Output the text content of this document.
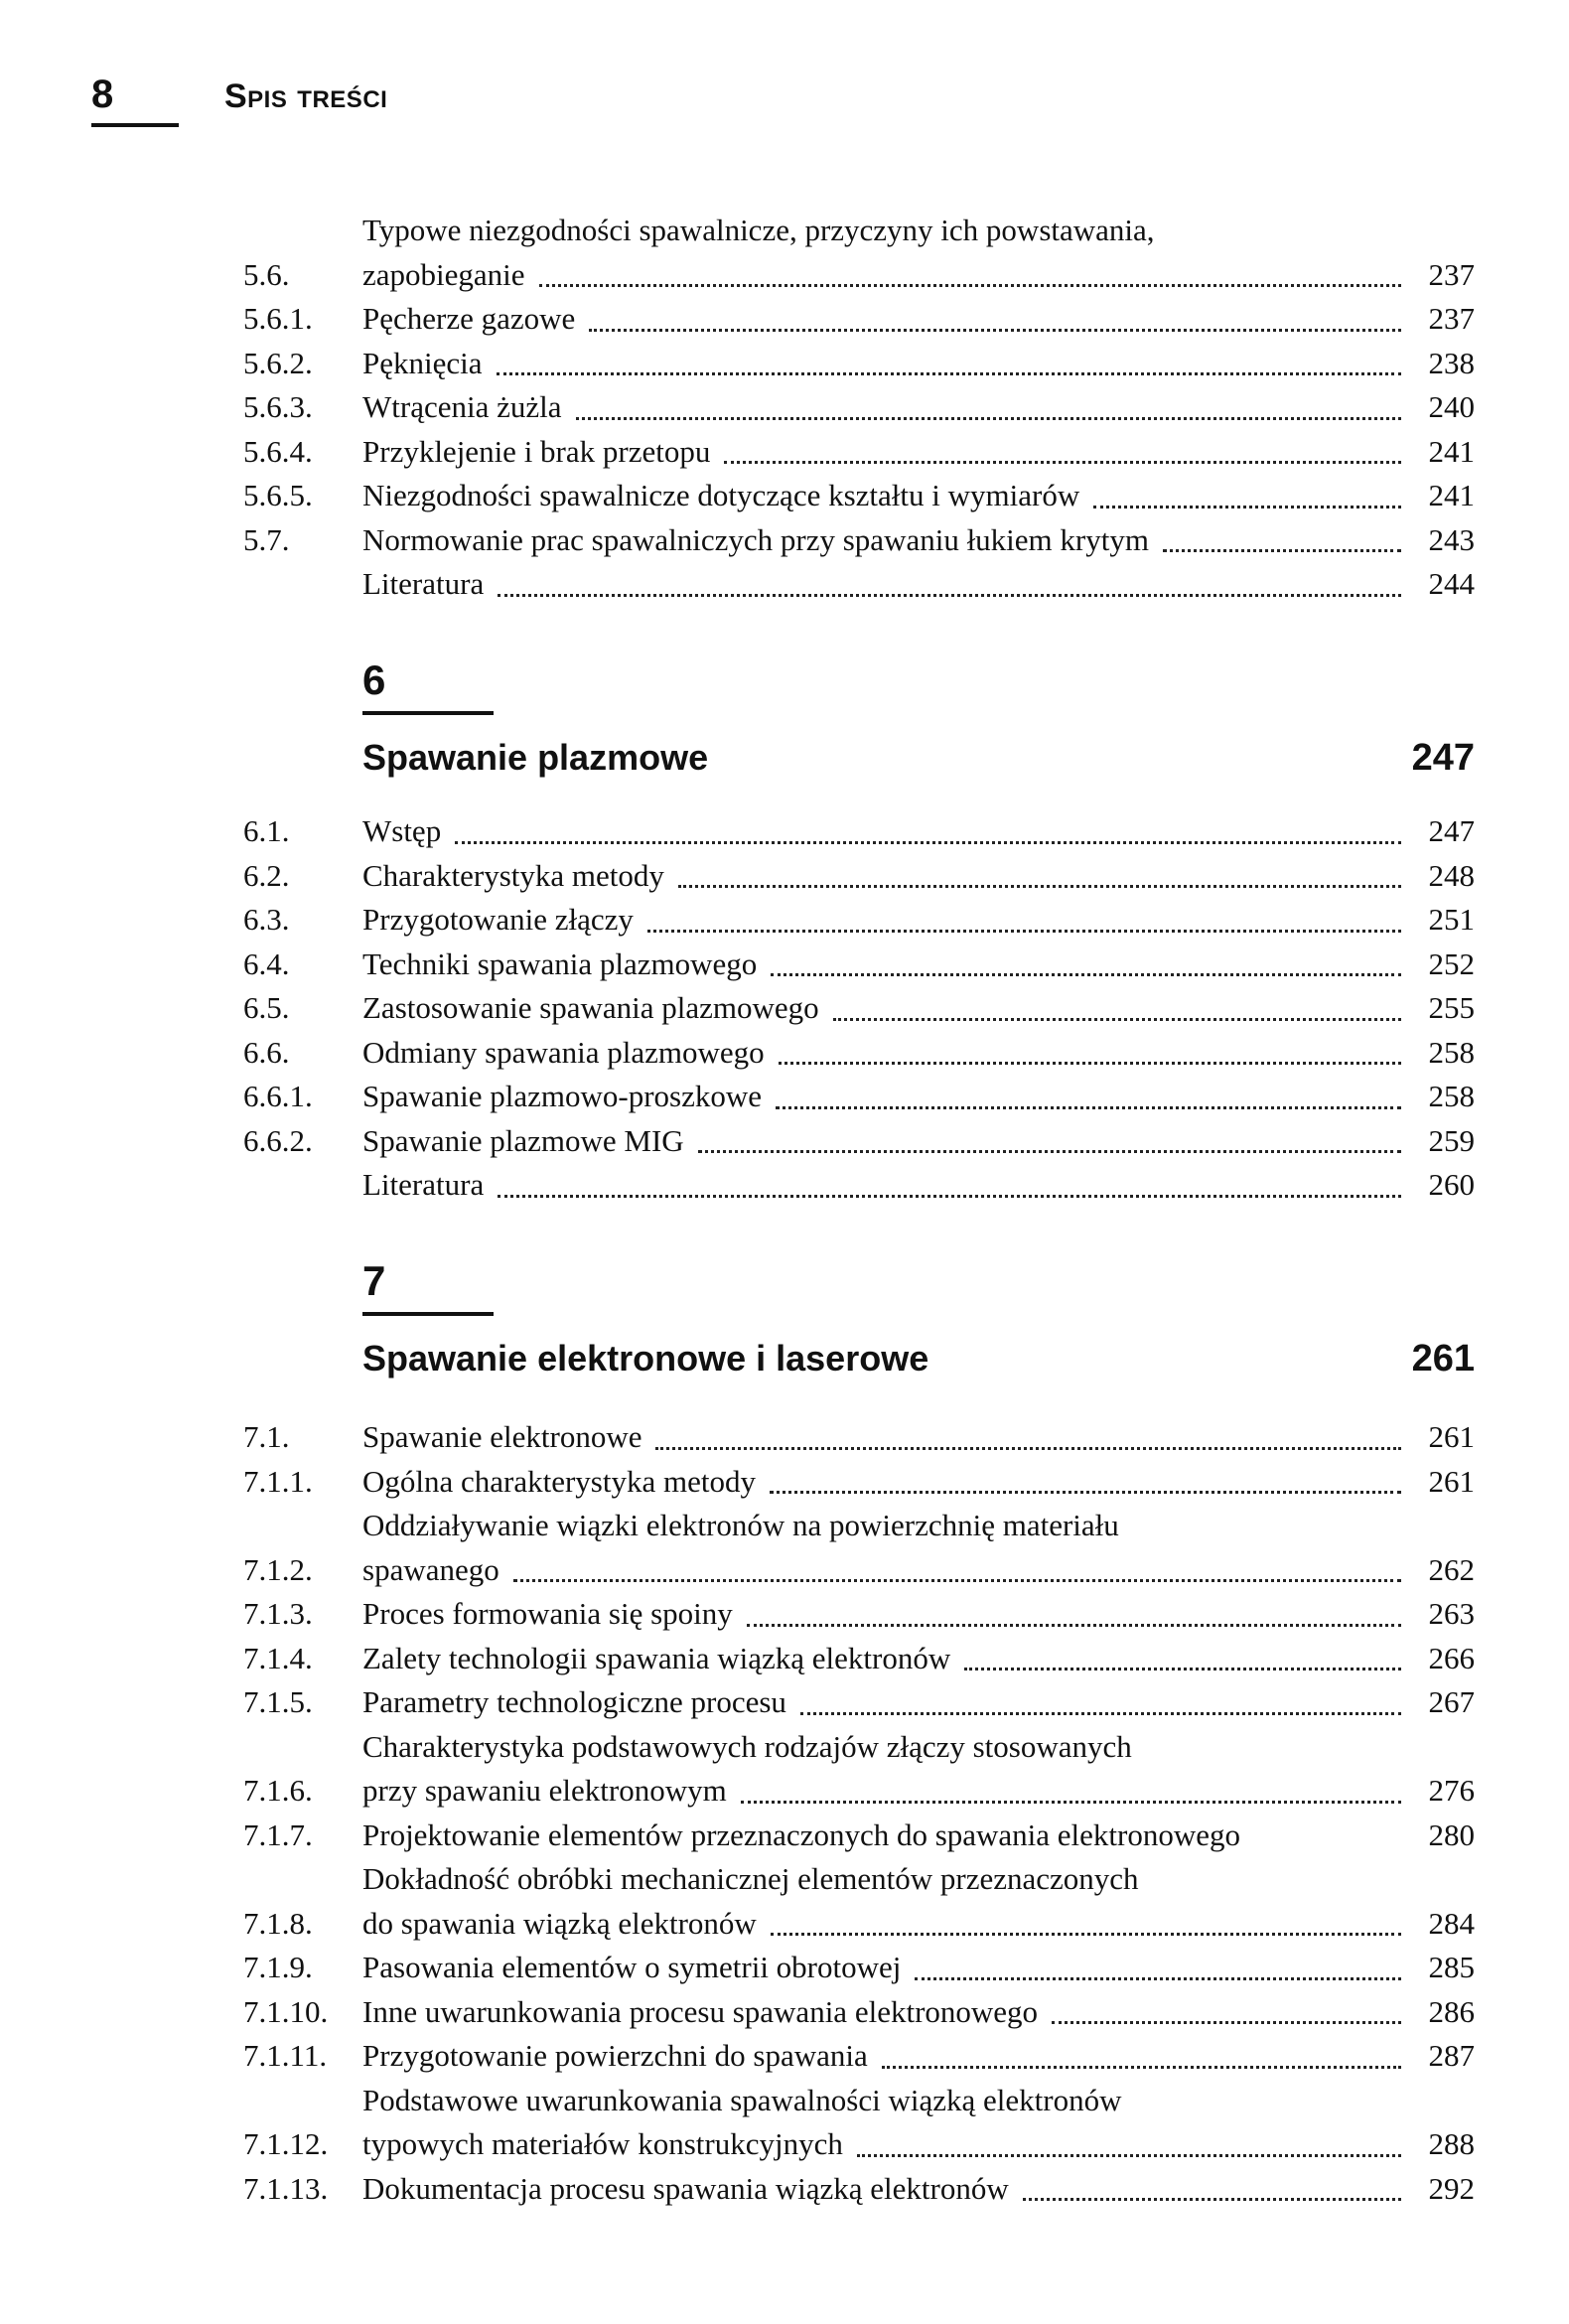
8	Spis treści
5.6.
Typowe niezgodności spawalnicze, przyczyny ich powstawania,
zapobieganie	237
5.6.1.	Pęcherze gazowe	237
5.6.2.	Pęknięcia	238
5.6.3.	Wtrącenia żużla	240
5.6.4.	Przyklejenie i brak przetopu	241
5.6.5.	Niezgodności spawalnicze dotyczące kształtu i wymiarów	241
5.7.	Normowanie prac spawalniczych przy spawaniu łukiem krytym	243
Literatura	244
6
Spawanie plazmowe	247
6.1.	Wstęp	247
6.2.	Charakterystyka metody	248
6.3.	Przygotowanie złączy	251
6.4.	Techniki spawania plazmowego	252
6.5.	Zastosowanie spawania plazmowego	255
6.6.	Odmiany spawania plazmowego	258
6.6.1.	Spawanie plazmowo-proszkowe	258
6.6.2.	Spawanie plazmowe MIG	259
Literatura	260
7
Spawanie elektronowe i laserowe	261
7.1.	Spawanie elektronowe	261
7.1.1.	Ogólna charakterystyka metody	261
7.1.2.
Oddziaływanie wiązki elektronów na powierzchnię materiału
spawanego	262
7.1.3.	Proces formowania się spoiny	263
7.1.4.	Zalety technologii spawania wiązką elektronów	266
7.1.5.	Parametry technologiczne procesu	267
7.1.6.
Charakterystyka podstawowych rodzajów złączy stosowanych
przy spawaniu elektronowym	276
7.1.7.	Projektowanie elementów przeznaczonych do spawania elektronowego	280
7.1.8.
Dokładność obróbki mechanicznej elementów przeznaczonych
do spawania wiązką elektronów	284
7.1.9.	Pasowania elementów o symetrii obrotowej	285
7.1.10.	Inne uwarunkowania procesu spawania elektronowego	286
7.1.11.	Przygotowanie powierzchni do spawania	287
7.1.12.
Podstawowe uwarunkowania spawalności wiązką elektronów
typowych materiałów konstrukcyjnych	288
7.1.13.	Dokumentacja procesu spawania wiązką elektronów	292
